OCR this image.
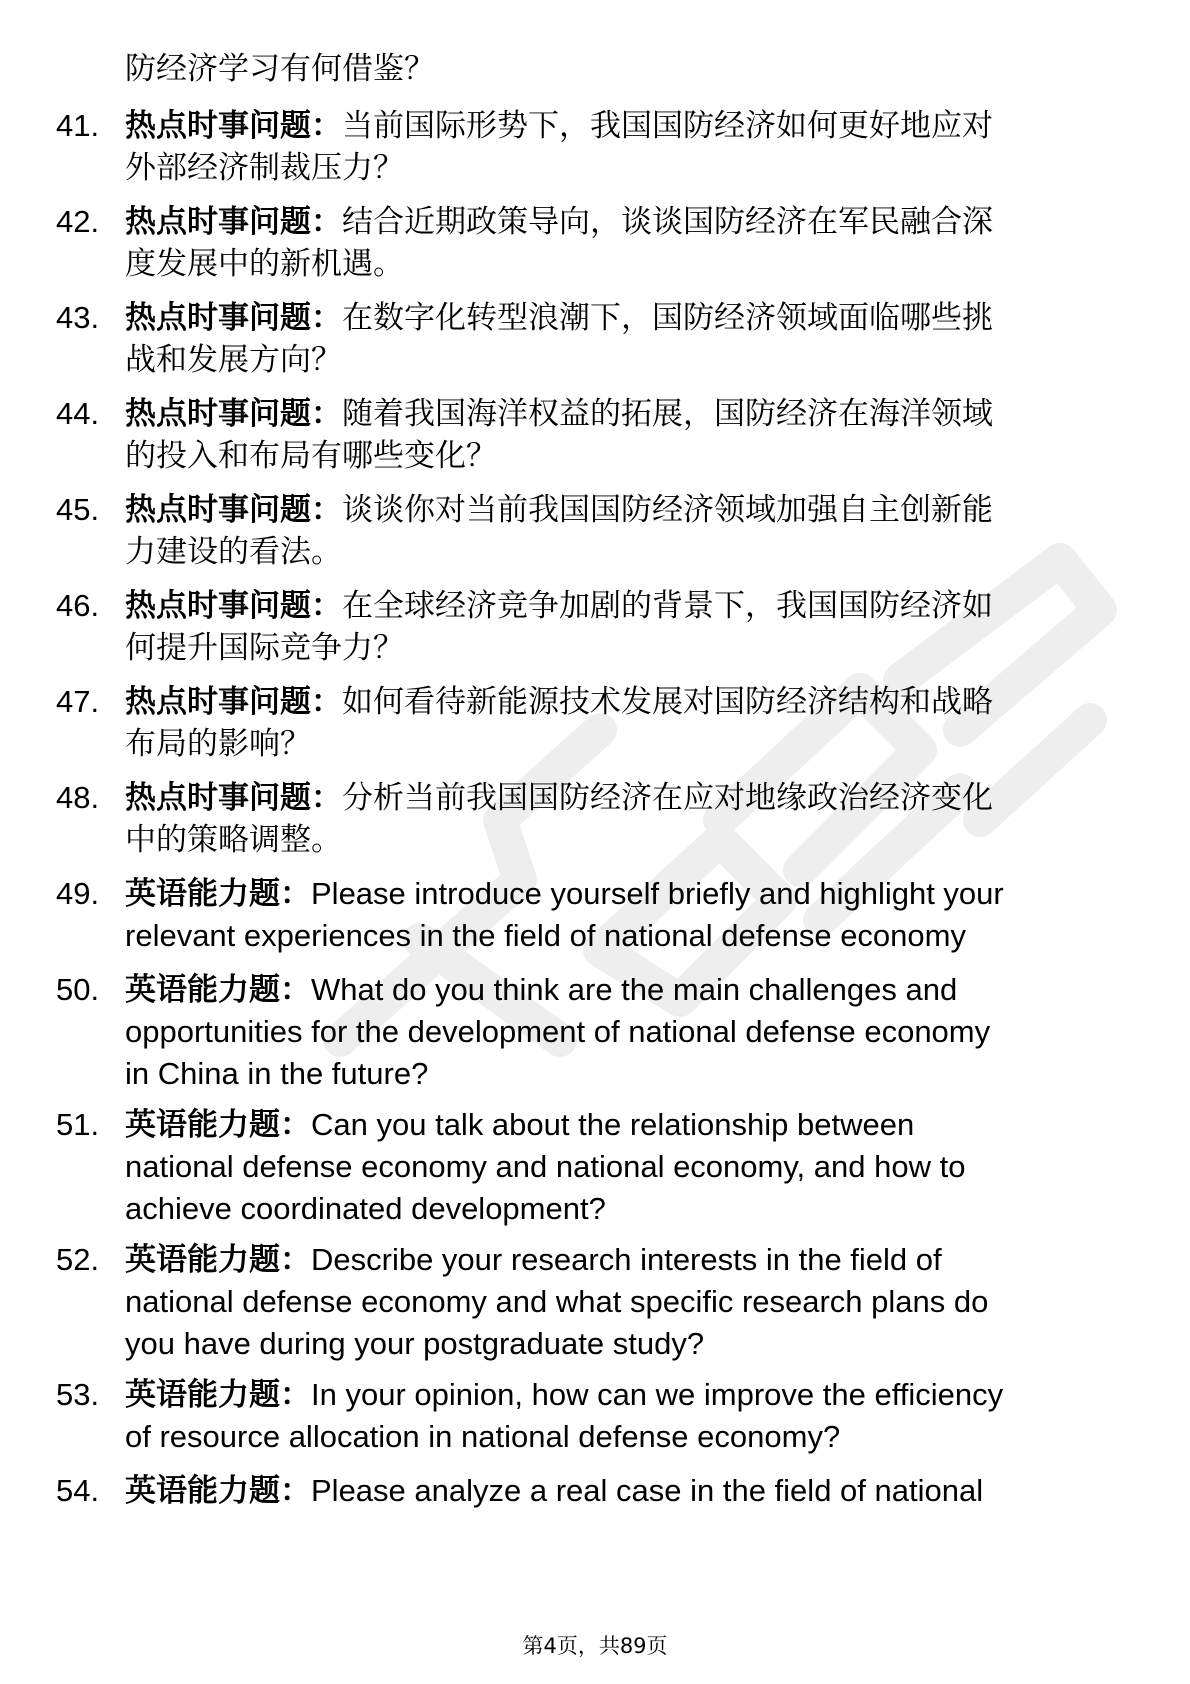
防经济学习有何借鉴？
41. 热点时事问题：当前国际形势下，我国国防经济如何更好地应对
外部经济制裁压力？
42. 热点时事问题：结合近期政策导向，谈谈国防经济在军民融合深
度发展中的新机遇。
43. 热点时事问题：在数字化转型浪潮下，国防经济领域面临哪些挑
战和发展方向？
44. 热点时事问题：随着我国海洋权益的拓展，国防经济在海洋领域
的投入和布局有哪些变化？
45. 热点时事问题：谈谈你对当前我国国防经济领域加强自主创新能
力建设的看法。
46. 热点时事问题：在全球经济竞争加剧的背景下，我国国防经济如
何提升国际竞争力？
47. 热点时事问题：如何看待新能源技术发展对国防经济结构和战略
布局的影响？
48. 热点时事问题：分析当前我国国防经济在应对地缘政治经济变化
中的策略调整。
49. 英语能力题：Please introduce yourself briefly and highlight your
relevant experiences in the field of national defense economy
50. 英语能力题：What do you think are the main challenges and
opportunities for the development of national defense economy
in China in the future?
51. 英语能力题：Can you talk about the relationship between
national defense economy and national economy, and how to
achieve coordinated development?
52. 英语能力题：Describe your research interests in the field of
national defense economy and what specific research plans do
you have during your postgraduate study?
53. 英语能力题：In your opinion, how can we improve the efficiency
of resource allocation in national defense economy?
54. 英语能力题：Please analyze a real case in the field of national
第4页，共89页
